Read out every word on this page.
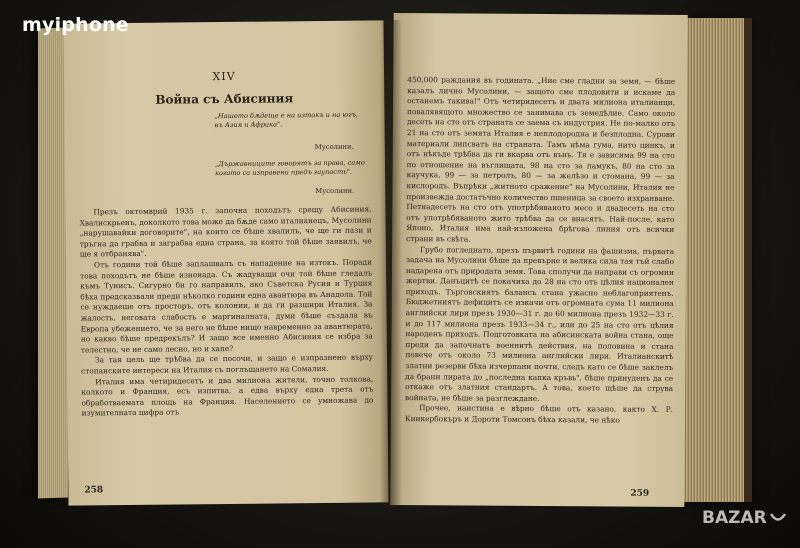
XIV
Война съ Абисиния
„Нашето бѫдеще е на изтокъ и на югъ, въ Азия и Африка".
Мусолини.
„Държавниците говорятъ за права, само когато са изправени предъ гаупость".
Мусолини.

Презъ октомврий 1935 г. започна походътъ срещу Абисиния. Хвалискрьенъ, доколкото това може да бѫде само италианецъ, Мусолини „нарушавайки договорите", на които се бѣше хвалилъ, че ще ги пази и тръгна да грабва и заграбва една страна, за която той бѣше заявилъ, че ще я отбранява".

Отъ години той бѣше заплашвалъ съ нападение на изтокъ. Поради това походътъ не бѣше изненада. Съ жадуващи очи той бѣше гледалъ къмъ Тунисъ. Сигурно би го направилъ, ако Съветска Русия и Турция бѣха предсказвали преди нѣколко години една авантюра въ Анадола. Той се нуждаеше отъ просторъ, отъ колонии, и да ги разшири Италия. За жалость, неговата слабость е маргиналната, думи бѣше създала въ Европа убежението, че за него не бѣше нищо навременно за авантюрата, но какво бѣше предрекълъ? И защо все именно Абисиния се избра за телестно, че не само лесно, но и хапе?

За тая цель ще трѣбва да се посочи, и защо е изпразнено върху стопанските интереси на Италия съ поглъщането на Сомалия.

Италия има четиридесетъ и два милиона жители, точно толкова, колкото и Франция, есъ изпитва, а едва върху една трета отъ обработваемата площь на Франция. Населението се умножава до изумителната цифра отъ

258

450,000 раждания въ годината. „Ние сме гладни за земя, — бѣше казалъ лично Мусолини, — защото сме плодовити и искаме да останемъ такива!" Отъ четиридесетъ и двата милиона италианци, повалявящото множество се занимава съ земедѣлие. Само около десеть на сто отъ страната се заема съ индустрия. Не по-малко отъ 21 на сто отъ земята Италия е неплодородна и безплодна. Сурови материали липсватъ на страната. Тамъ нѣма гума, нито цинкъ, и отъ нѣкъде трѣбва да ги вкарва отъ вънъ. Тя е зависима 99 на сто по отношение на въглищата, 98 на сто за памукъ, 80 на сто за каучука, 99 — за петролъ, 80 — за желѣзо и стомана, 99 — за кислородъ. Въпрѣки „житното сражение" на Мусолини, Италия не произвежда достатъчно количество пшеница за своето изхранване. Петнадесеть на сто отъ употрѣбяваното месо и двадесеть на сто отъ употрѣбяваното жито трѣбва да се внасятъ. Най-после, като Японо, Италия има най-изложена брѣгова линия отъ всички страни въ свѣта.

Грубо погледнато, презъ първитѣ години на фашизма, първата задача на Мусолини бѣше да превърне и велика сила тая тъй слабо надарена отъ природата земя. Това сполучи да направи съ огромни жертви. Данъцитѣ се покачиха до 28 на сто отъ цѣлия национален приходъ. Търговскиятъ балансъ стана ужасно неблагоприятенъ. Бюджетниятъ дефицитъ се изкачи отъ огромната сума 11 милиона английски лири презъ 1930—31 г. до 60 милиона презъ 1932—33 г. и до 117 милиона презъ 1933—34 г., или до 25 на сто отъ цѣлия народенъ приходъ. Подготовката на абисинската война стана, още преди да започнатъ военнитѣ действия, на половина и стана повече отъ около 73 милиона английски лири. Италианскитѣ златни резерви бѣха изчерпани почти, следъ като се бѣше заклелъ да брани лирата до „последна капка кръвь", бѣше принуденъ да се откаже отъ златния стандартъ. А това, което щѣше да струва войната, не бѣше за разглеждане.

Прочее, наистина е вѣрно бѣше отъ казано, както Х. Р. Кникербокъръ и Дороти Томсонъ бѣха казали, че нѣко

259
myiphone
BAZAR
